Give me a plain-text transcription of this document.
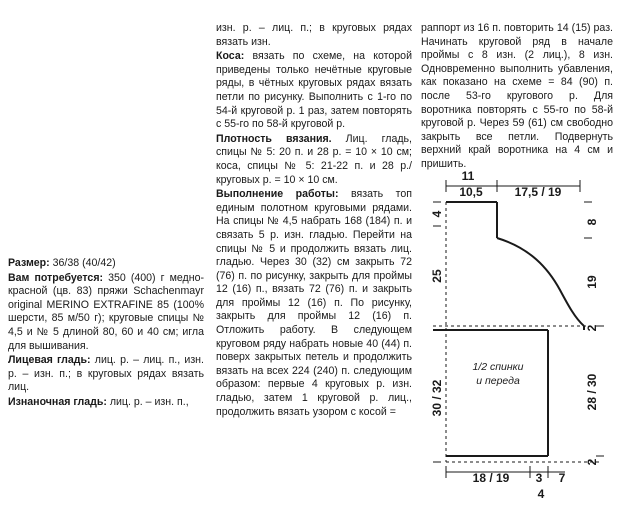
Размер: 36/38 (40/42)

Вам потребуется: 350 (400) г медно-красной (цв. 83) пряжи Schachenmayr original MERINO EXTRAFINE 85 (100% шерсти, 85 м/50 г); круговые спицы № 4,5 и № 5 длиной 80, 60 и 40 см; игла для вышивания.

Лицевая гладь: лиц. р. – лиц. п., изн. р. – изн. п.; в круговых рядах вязать лиц.

Изнаночная гладь: лиц. р. – изн. п.,

изн. р. – лиц. п.; в круговых рядах вязать изн.

Коса: вязать по схеме, на которой приведены только нечётные круговые ряды, в чётных круговых рядах вязать петли по рисунку. Выполнить с 1-го по 54-й круговой р. 1 раз, затем повторять с 55-го по 58-й круговой р.

Плотность вязания. Лиц. гладь, спицы № 5: 20 п. и 28 р. = 10 × 10 см; коса, спицы № 5: 21-22 п. и 28 р./круговых р. = 10 × 10 см.

Выполнение работы: вязать топ единым полотном круговыми рядами. На спицы № 4,5 набрать 168 (184) п. и связать 5 р. изн. гладью. Перейти на спицы № 5 и продолжить вязать лиц. гладью. Через 30 (32) см закрыть 72 (76) п. по рисунку, закрыть для проймы 12 (16) п., вязать 72 (76) п. и закрыть для проймы 12 (16) п. По рисунку, закрыть для проймы 12 (16) п. Отложить работу. В следующем круговом ряду набрать новые 40 (44) п. поверх закрытых петель и продолжить вязать на всех 224 (240) п. следующим образом: первые 4 круговых р. изн. гладью, затем 1 круговой р. лиц., продолжить вязать узором с косой =

раппорт из 16 п. повторить 14 (15) раз. Начинать круговой ряд в начале проймы с 8 изн. (2 лиц.), 8 изн. Одновременно выполнить убавления, как показано на схеме = 84 (90) п. после 53-го кругового р. Для воротника повторять с 55-го по 58-й круговой р. Через 59 (61) см свободно закрыть все петли. Подвернуть верхний край воротника на 4 см и пришить.

11
10,5	17,5 / 19
4
25
30 / 32
8
19
2
28 / 30
2
18 / 19 3 7
4
1/2 спинки
и переда
